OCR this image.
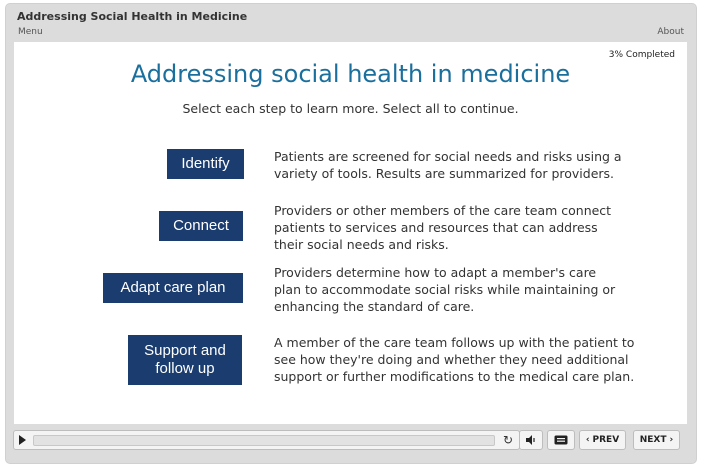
Addressing Social Health in Medicine
Menu	About
3% Completed
Addressing social health in medicine
Select each step to learn more. Select all to continue.
Identify	Patients are screened for social needs and risks using a
variety of tools. Results are summarized for providers.
Connect
Providers or other members of the care team connect
patients to services and resources that can address
their social needs and risks.
Adapt care plan
Providers determine how to adapt a member's care
plan to accommodate social risks while maintaining or
enhancing the standard of care.
Support and
follow up
A member of the care team follows up with the patient to
see how they're doing and whether they need additional
support or further modifications to the medical care plan.
↻	‹ PREV NEXT ›
